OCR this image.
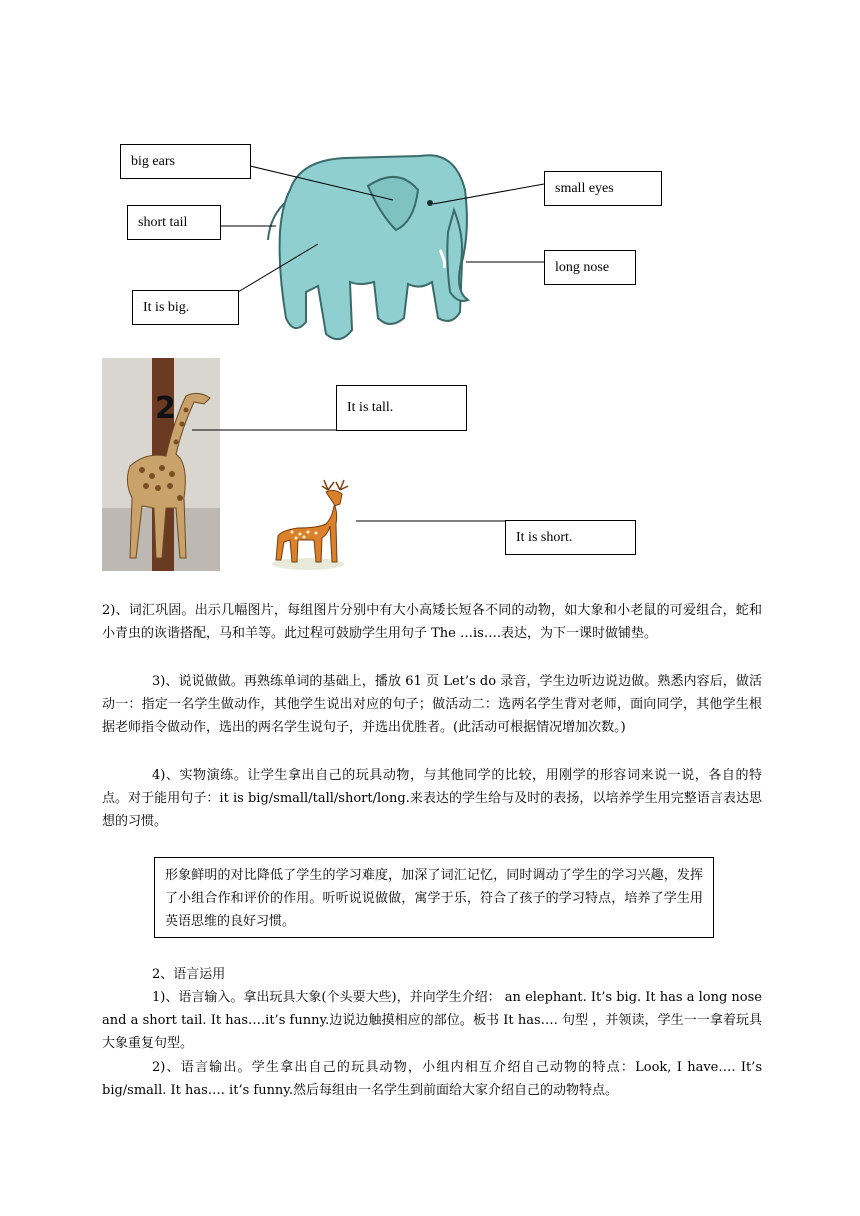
big ears
short tail
It is big.
small eyes
long nose
2	It is tall.
It is short.
2)、词汇巩固。出示几幅图片，每组图片分别中有大小高矮长短各不同的动物，如大象和小老鼠的可爱组合，蛇和小青虫的诙谐搭配，马和羊等。此过程可鼓励学生用句子 The …is….表达，为下一课时做铺垫。
3)、说说做做。再熟练单词的基础上，播放 61 页 Let’s do 录音，学生边听边说边做。熟悉内容后，做活动一：指定一名学生做动作，其他学生说出对应的句子；做活动二：选两名学生背对老师，面向同学，其他学生根据老师指令做动作，选出的两名学生说句子，并选出优胜者。(此活动可根据情况增加次数。)
4)、实物演练。让学生拿出自己的玩具动物，与其他同学的比较，用刚学的形容词来说一说，各自的特点。对于能用句子：it is big/small/tall/short/long.来表达的学生给与及时的表扬，以培养学生用完整语言表达思想的习惯。
形象鲜明的对比降低了学生的学习难度，加深了词汇记忆，同时调动了学生的学习兴趣，发挥了小组合作和评价的作用。听听说说做做，寓学于乐，符合了孩子的学习特点，培养了学生用英语思维的良好习惯。
2、语言运用
1)、语言输入。拿出玩具大象(个头要大些)，并向学生介绍： an elephant. It’s big. It has a long nose and a short tail. It has….it’s funny.边说边触摸相应的部位。板书 It has…. 句型 ，并领读，学生一一拿着玩具大象重复句型。
2)、语言输出。学生拿出自己的玩具动物，小组内相互介绍自己动物的特点：Look, I have…. It’s big/small. It has…. it’s funny.然后每组由一名学生到前面给大家介绍自己的动物特点。
